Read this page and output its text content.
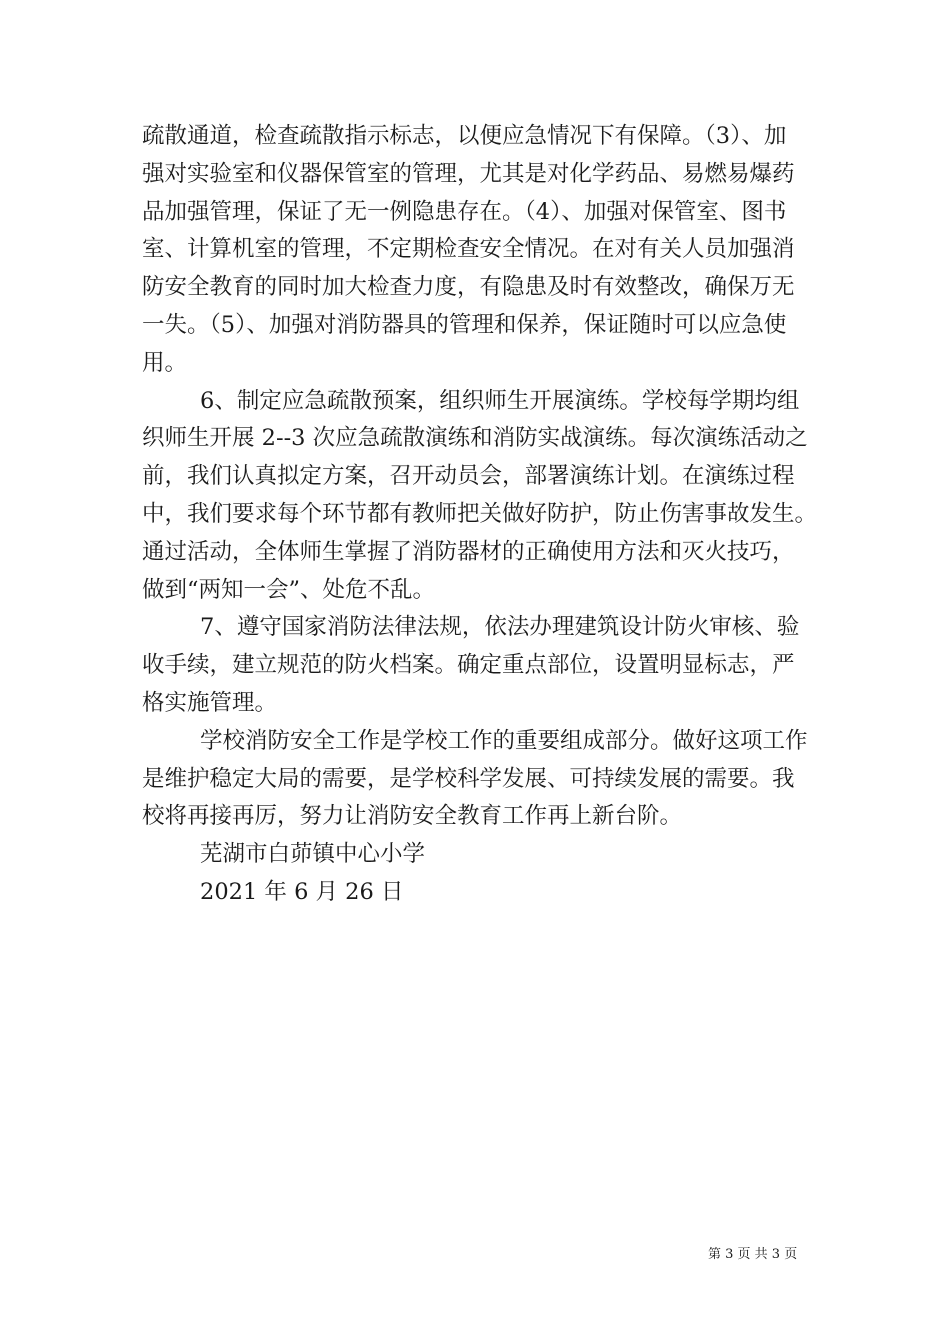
疏散通道，检查疏散指示标志，以便应急情况下有保障。（3）、加
强对实验室和仪器保管室的管理，尤其是对化学药品、易燃易爆药
品加强管理，保证了无一例隐患存在。（4）、加强对保管室、图书
室、计算机室的管理，不定期检查安全情况。在对有关人员加强消
防安全教育的同时加大检查力度，有隐患及时有效整改，确保万无
一失。（5）、加强对消防器具的管理和保养，保证随时可以应急使
用。
6、制定应急疏散预案，组织师生开展演练。学校每学期均组
织师生开展 2--3 次应急疏散演练和消防实战演练。每次演练活动之
前，我们认真拟定方案，召开动员会，部署演练计划。在演练过程
中，我们要求每个环节都有教师把关做好防护，防止伤害事故发生。
通过活动，全体师生掌握了消防器材的正确使用方法和灭火技巧，
做到“两知一会”、处危不乱。
7、遵守国家消防法律法规，依法办理建筑设计防火审核、验
收手续，建立规范的防火档案。确定重点部位，设置明显标志，严
格实施管理。
学校消防安全工作是学校工作的重要组成部分。做好这项工作
是维护稳定大局的需要，是学校科学发展、可持续发展的需要。我
校将再接再厉，努力让消防安全教育工作再上新台阶。
芜湖市白茆镇中心小学
2021 年 6 月 26 日
第 3 页 共 3 页
